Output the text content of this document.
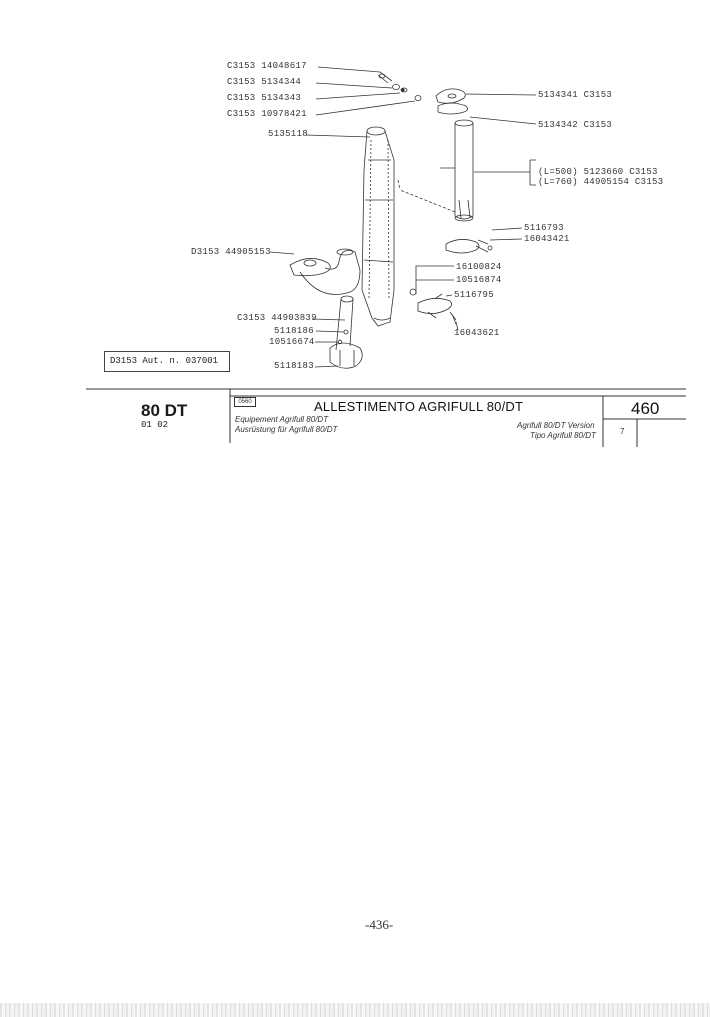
C3153 14048617
C3153 5134344
C3153 5134343
C3153 10978421
5135118
5134341 C3153
5134342 C3153
(L=500) 5123660 C3153
(L=760) 44905154 C3153
5116793
16043421
D3153 44905153
16100824
10516874
5116795
C3153 44903839
5118186
10516674
16043621
5118183
D3153 Aut. n. 037001
80 DT
01 02
0560	ALLESTIMENTO AGRIFULL 80/DT
Equipement Agrifull 80/DT
Ausrüstung für Agrifull 80/DT	Agrifull 80/DT Version
Tipo Agrifull 80/DT
460
7
-436-
